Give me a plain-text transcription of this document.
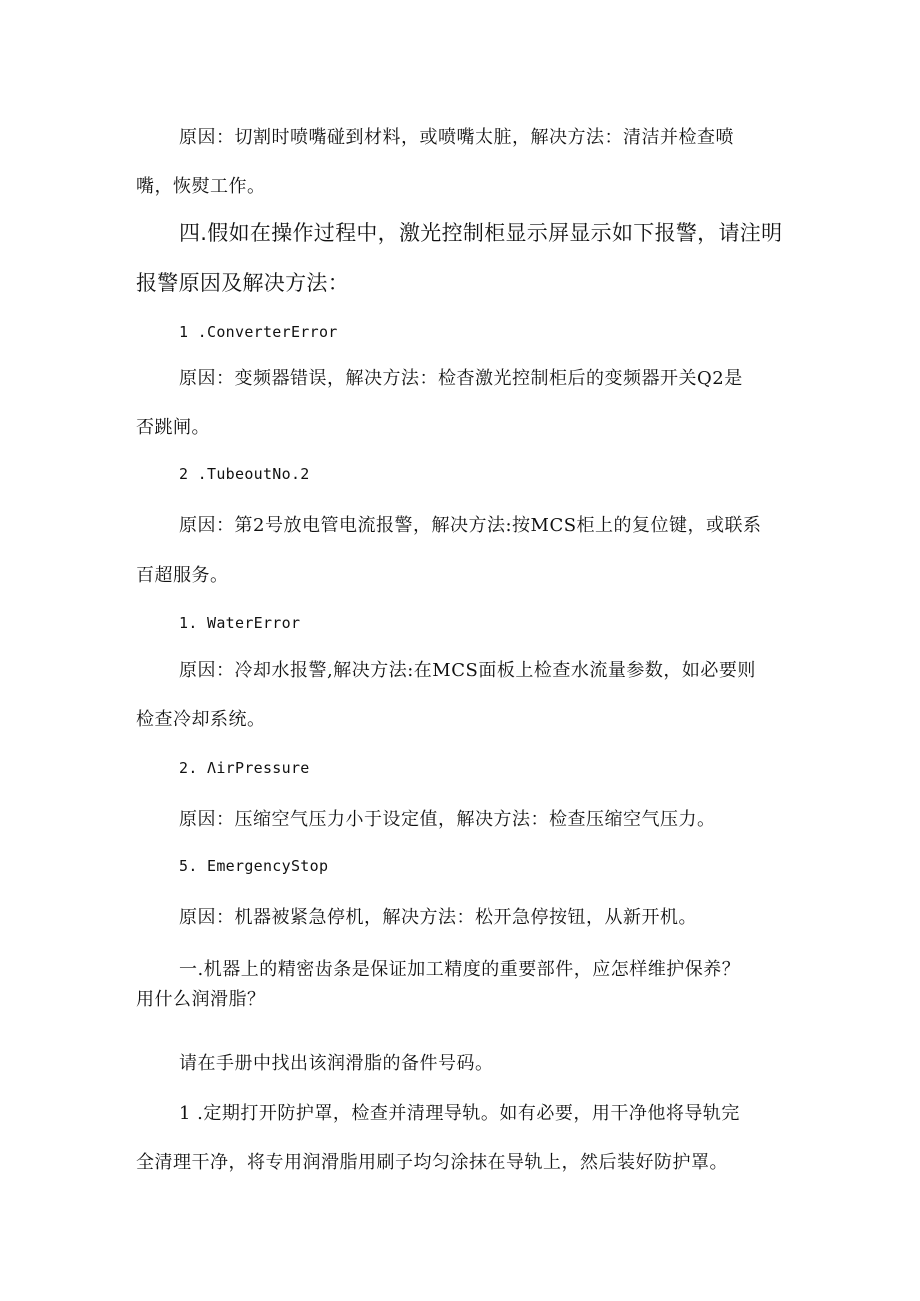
原因：切割时喷嘴碰到材料，或喷嘴太脏，解决方法：清洁并检查喷

嘴，恢熨工作。

四.假如在操作过程中，激光控制柜显示屏显示如下报警，请注明

报警原因及解决方法：

1 .ConverterError

原因：变频器错误，解决方法：检杳激光控制柜后的变频器开关Q2是

否跳闸。

2 .TubeoutNo.2

原因：第2号放电管电流报警，解决方法:按MCS柜上的复位键，或联系

百超服务。

1. WaterError

原因：冷却水报警,解决方法:在MCS面板上检查水流量参数，如必要则

检查冷却系统。

2. ΛirPressure

原因：压缩空气压力小于设定值，解决方法：检查压缩空气压力。

5. EmergencyStop

原因：机器被紧急停机，解决方法：松开急停按钮，从新开机。

一.机器上的精密齿条是保证加工精度的重要部件，应怎样维护保养？

用什么润滑脂？

请在手册中找出该润滑脂的备件号码。

1 .定期打开防护罩，检查并清理导轨。如有必要，用干净他将导轨完

全清理干净，将专用润滑脂用刷子均匀涂抹在导轨上，然后装好防护罩。
